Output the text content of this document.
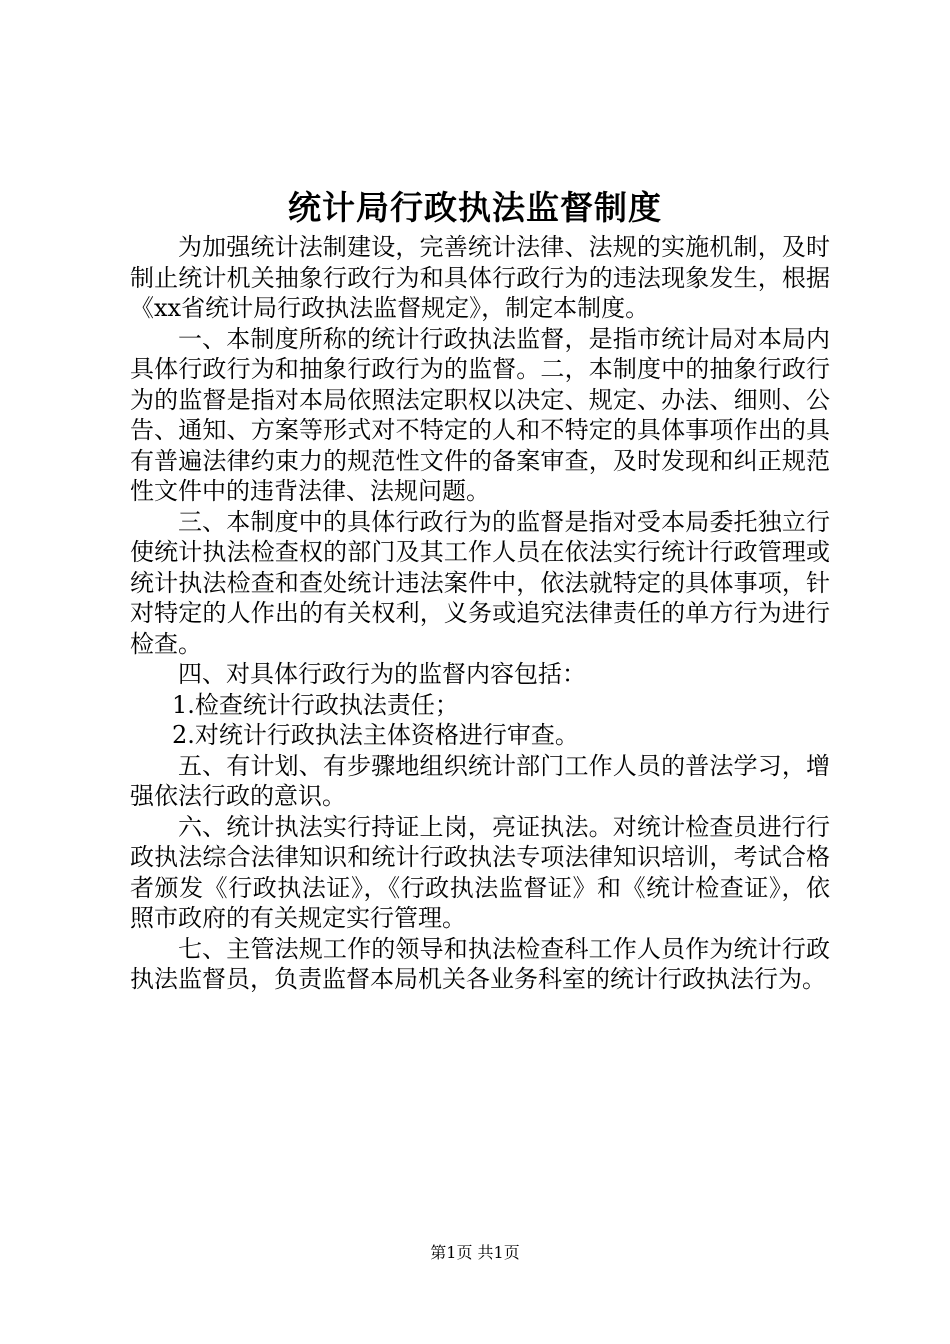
统计局行政执法监督制度

为加强统计法制建设，完善统计法律、法规的实施机制，及时制止统计机关抽象行政行为和具体行政行为的违法现象发生，根据《xx省统计局行政执法监督规定》，制定本制度。

一、本制度所称的统计行政执法监督，是指市统计局对本局内具体行政行为和抽象行政行为的监督。二，本制度中的抽象行政行为的监督是指对本局依照法定职权以决定、规定、办法、细则、公告、通知、方案等形式对不特定的人和不特定的具体事项作出的具有普遍法律约束力的规范性文件的备案审查，及时发现和纠正规范性文件中的违背法律、法规问题。

三、本制度中的具体行政行为的监督是指对受本局委托独立行使统计执法检查权的部门及其工作人员在依法实行统计行政管理或统计执法检查和查处统计违法案件中，依法就特定的具体事项，针对特定的人作出的有关权利，义务或追究法律责任的单方行为进行检查。

四、对具体行政行为的监督内容包括：

1.检查统计行政执法责任；

2.对统计行政执法主体资格进行审查。

五、有计划、有步骤地组织统计部门工作人员的普法学习，增强依法行政的意识。

六、统计执法实行持证上岗，亮证执法。对统计检查员进行行政执法综合法律知识和统计行政执法专项法律知识培训，考试合格者颁发《行政执法证》，《行政执法监督证》和《统计检查证》，依照市政府的有关规定实行管理。

七、主管法规工作的领导和执法检查科工作人员作为统计行政执法监督员，负责监督本局机关各业务科室的统计行政执法行为。

第1页 共1页
